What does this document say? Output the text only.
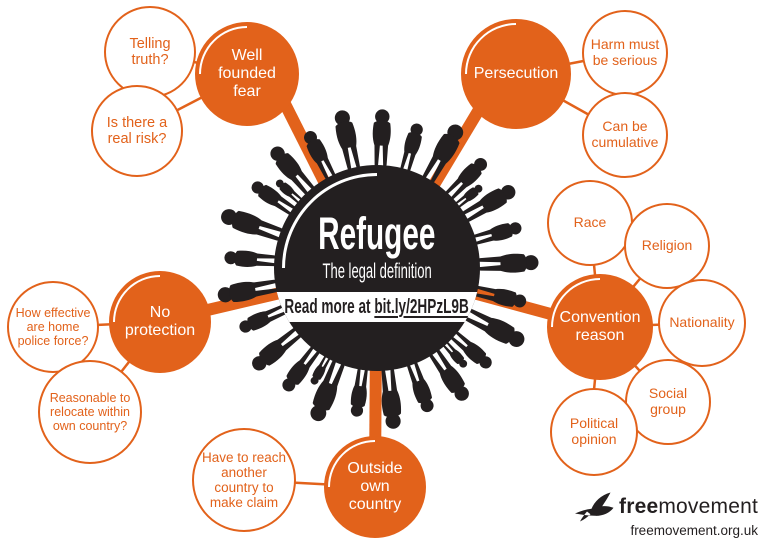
Refugee
The legal definition
Read more at bit.ly/2HPzL9B
Telling truth?
Is there a real risk?
Well founded fear
Harm must be serious
Can be cumulative
Persecution
Race
Religion
Nationality
Social group
Political opinion
Convention reason
How effective are home police force?
Reasonable to relocate within own country?
No protection
Have to reach another country to make claim
Outside own country	freemovement
freemovement.org.uk
